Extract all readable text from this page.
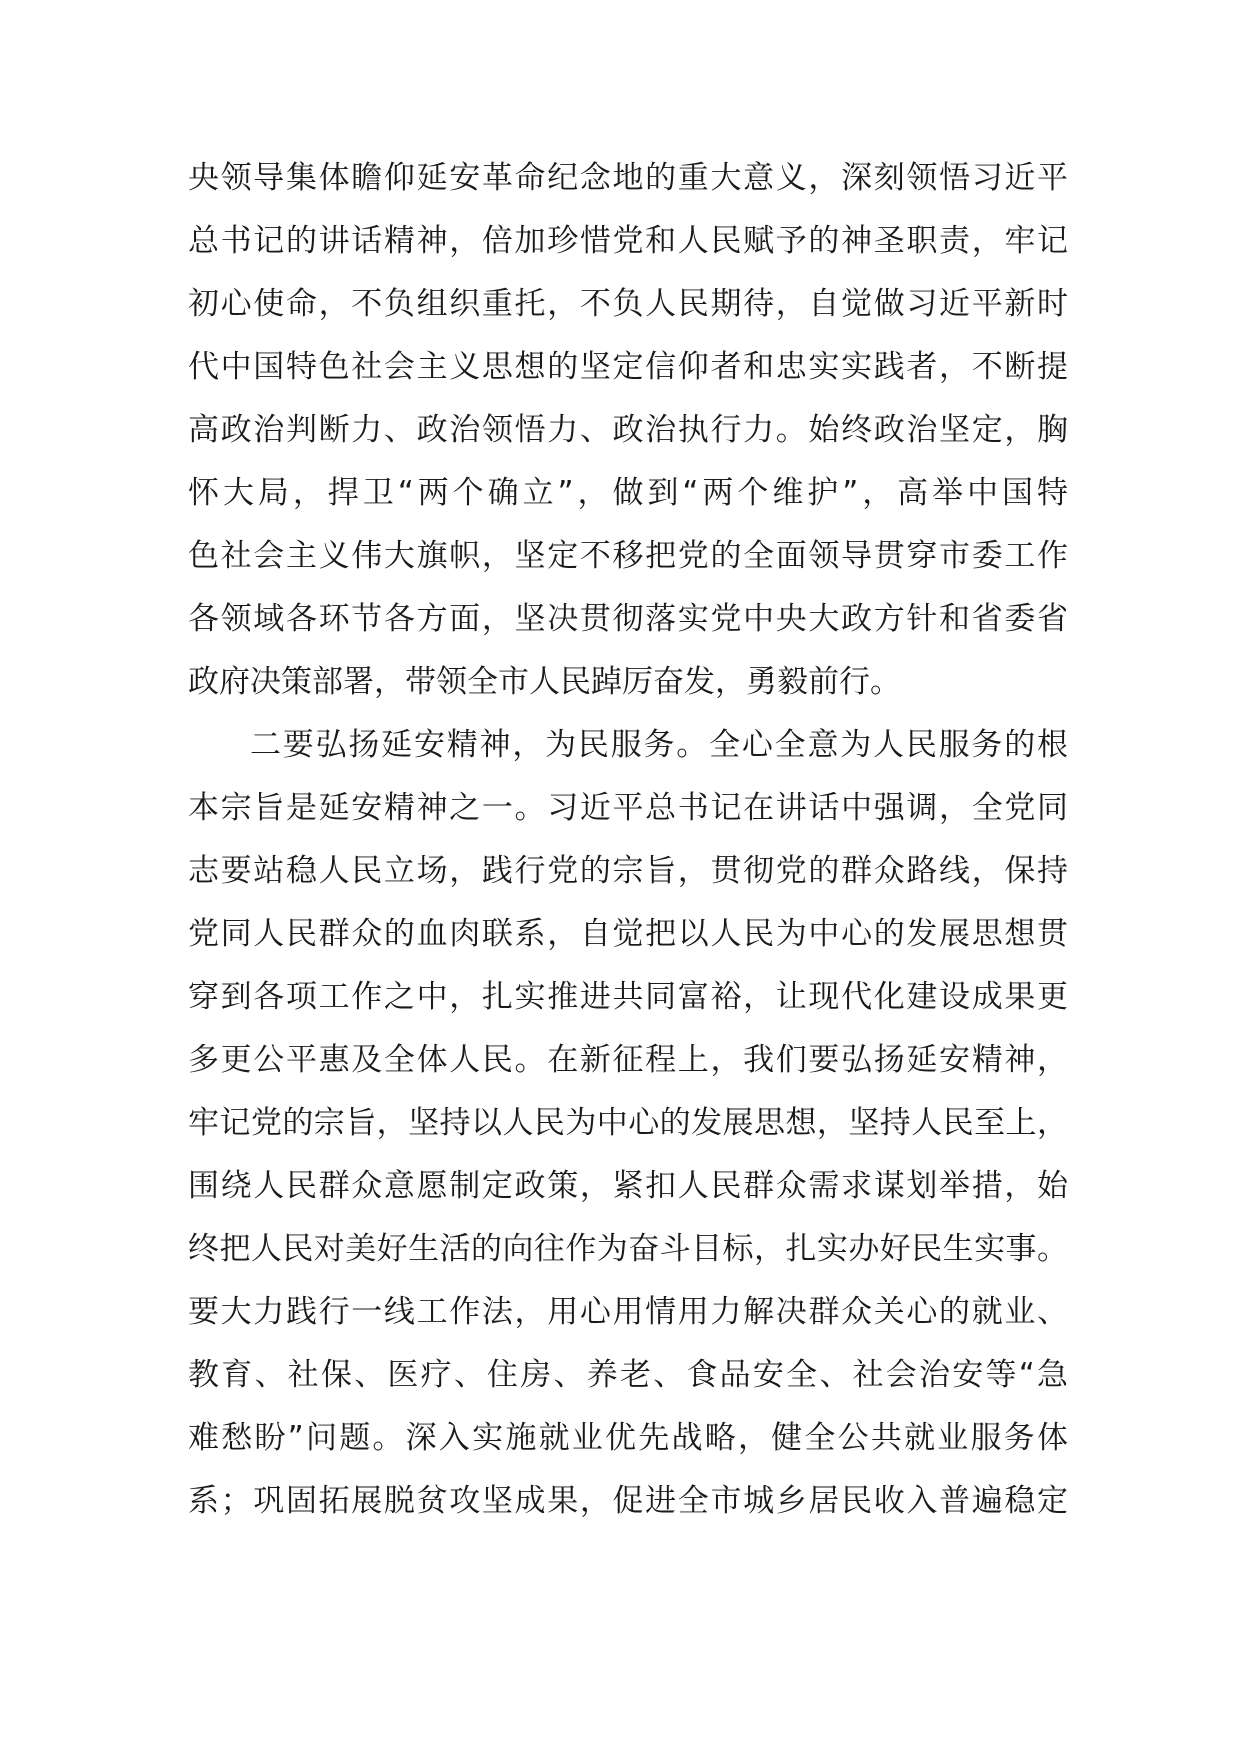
央领导集体瞻仰延安革命纪念地的重大意义，深刻领悟习近平
总书记的讲话精神，倍加珍惜党和人民赋予的神圣职责，牢记
初心使命，不负组织重托，不负人民期待，自觉做习近平新时
代中国特色社会主义思想的坚定信仰者和忠实实践者，不断提
高政治判断力、政治领悟力、政治执行力。始终政治坚定，胸
怀大局，捍卫“两个确立”，做到“两个维护”，高举中国特
色社会主义伟大旗帜，坚定不移把党的全面领导贯穿市委工作
各领域各环节各方面，坚决贯彻落实党中央大政方针和省委省
政府决策部署，带领全市人民踔厉奋发，勇毅前行。
二要弘扬延安精神，为民服务。全心全意为人民服务的根
本宗旨是延安精神之一。习近平总书记在讲话中强调，全党同
志要站稳人民立场，践行党的宗旨，贯彻党的群众路线，保持
党同人民群众的血肉联系，自觉把以人民为中心的发展思想贯
穿到各项工作之中，扎实推进共同富裕，让现代化建设成果更
多更公平惠及全体人民。在新征程上，我们要弘扬延安精神，
牢记党的宗旨，坚持以人民为中心的发展思想，坚持人民至上，
围绕人民群众意愿制定政策，紧扣人民群众需求谋划举措，始
终把人民对美好生活的向往作为奋斗目标，扎实办好民生实事。
要大力践行一线工作法，用心用情用力解决群众关心的就业、
教育、社保、医疗、住房、养老、食品安全、社会治安等“急
难愁盼”问题。深入实施就业优先战略，健全公共就业服务体
系；巩固拓展脱贫攻坚成果，促进全市城乡居民收入普遍稳定
